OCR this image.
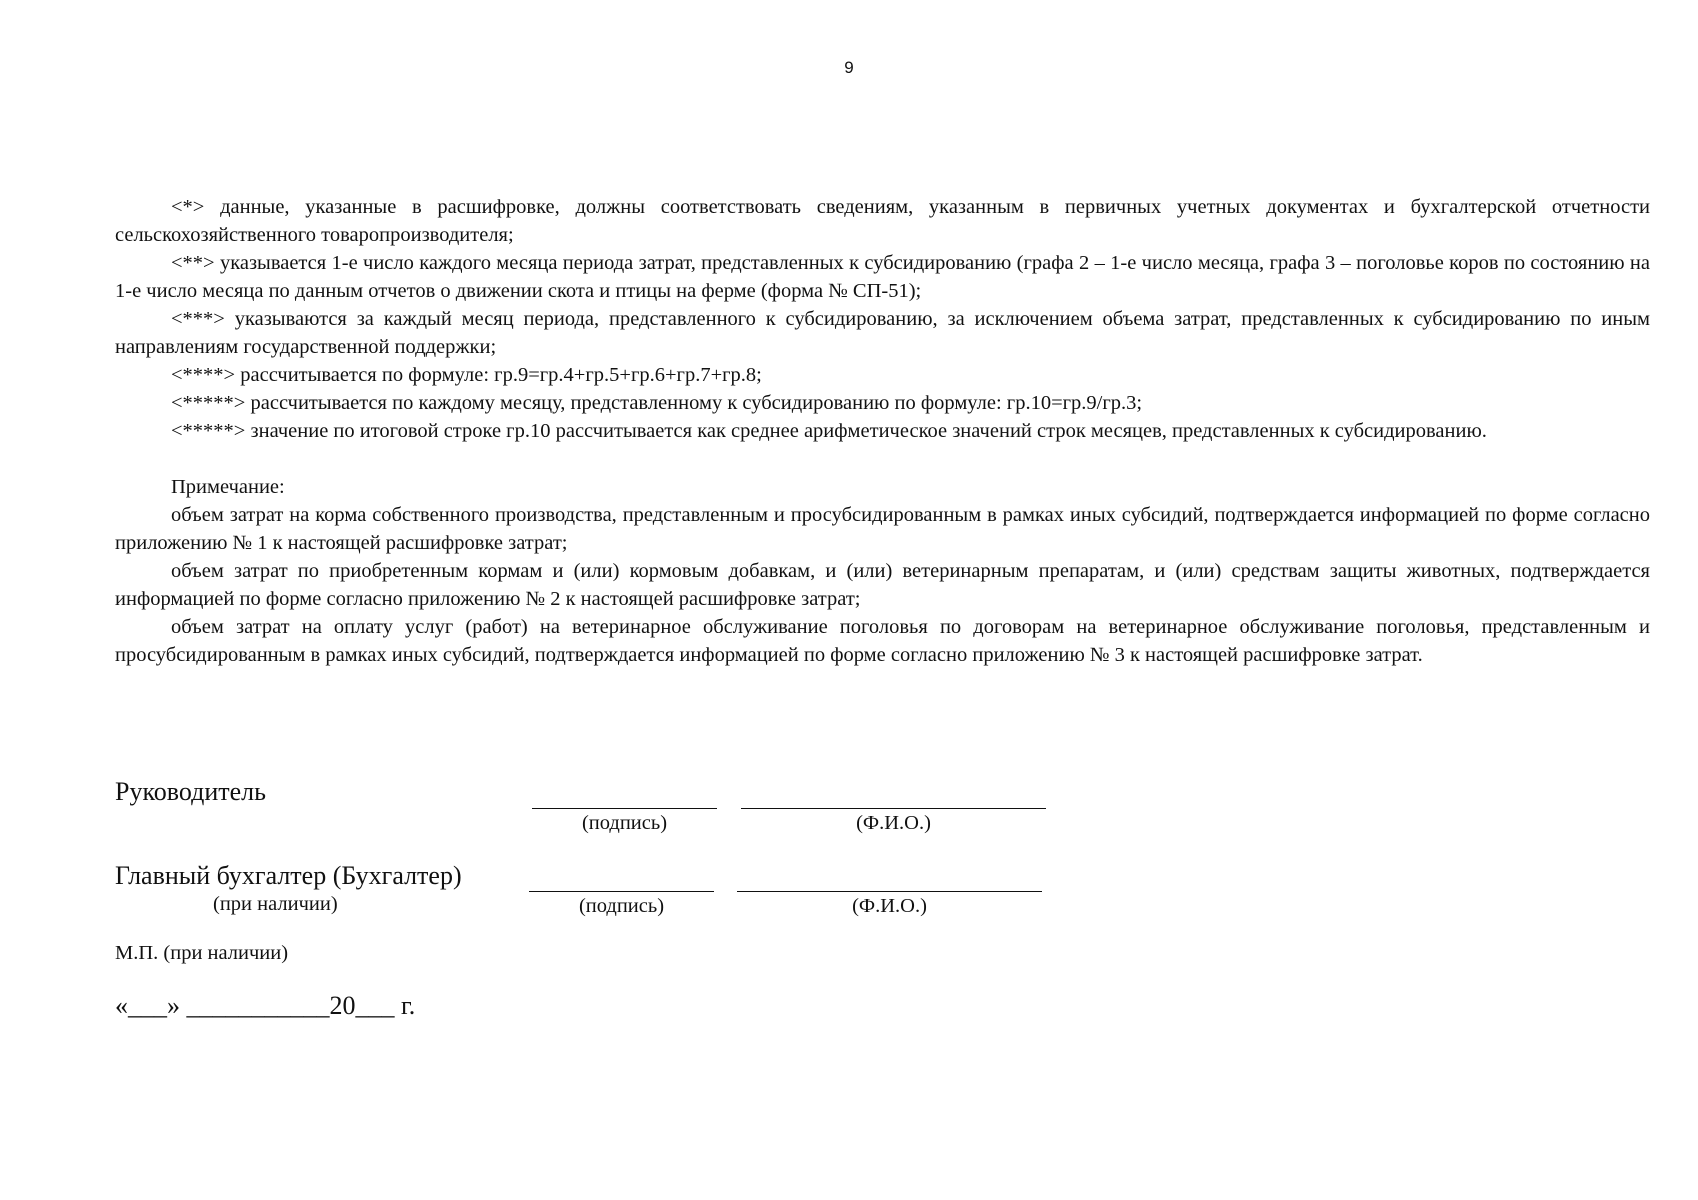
9

<*> данные, указанные в расшифровке, должны соответствовать сведениям, указанным в первичных учетных документах и бухгалтерской отчетности сельскохозяйственного товаропроизводителя;

<**> указывается 1-е число каждого месяца периода затрат, представленных к субсидированию (графа 2 – 1-е число месяца, графа 3 – поголовье коров по состоянию на 1-е число месяца по данным отчетов о движении скота и птицы на ферме (форма № СП-51);

<***> указываются за каждый месяц периода, представленного к субсидированию, за исключением объема затрат, представленных к субсидированию по иным направлениям государственной поддержки;

<****> рассчитывается по формуле: гр.9=гр.4+гр.5+гр.6+гр.7+гр.8;

<*****> рассчитывается по каждому месяцу, представленному к субсидированию по формуле: гр.10=гр.9/гр.3;

<*****> значение по итоговой строке гр.10 рассчитывается как среднее арифметическое значений строк месяцев, представленных к субсидированию.

Примечание:

объем затрат на корма собственного производства, представленным и просубсидированным в рамках иных субсидий, подтверждается информацией по форме согласно приложению № 1 к настоящей расшифровке затрат;

объем затрат по приобретенным кормам и (или) кормовым добавкам, и (или) ветеринарным препаратам, и (или) средствам защиты животных, подтверждается информацией по форме согласно приложению № 2 к настоящей расшифровке затрат;

объем затрат на оплату услуг (работ) на ветеринарное обслуживание поголовья по договорам на ветеринарное обслуживание поголовья, представленным и просубсидированным в рамках иных субсидий, подтверждается информацией по форме согласно приложению № 3 к настоящей расшифровке затрат.

Руководитель
(подпись)	(Ф.И.О.)
Главный бухгалтер (Бухгалтер)
(при наличии)	(подпись)	(Ф.И.О.)
М.П. (при наличии)
«___» ___________20___ г.
